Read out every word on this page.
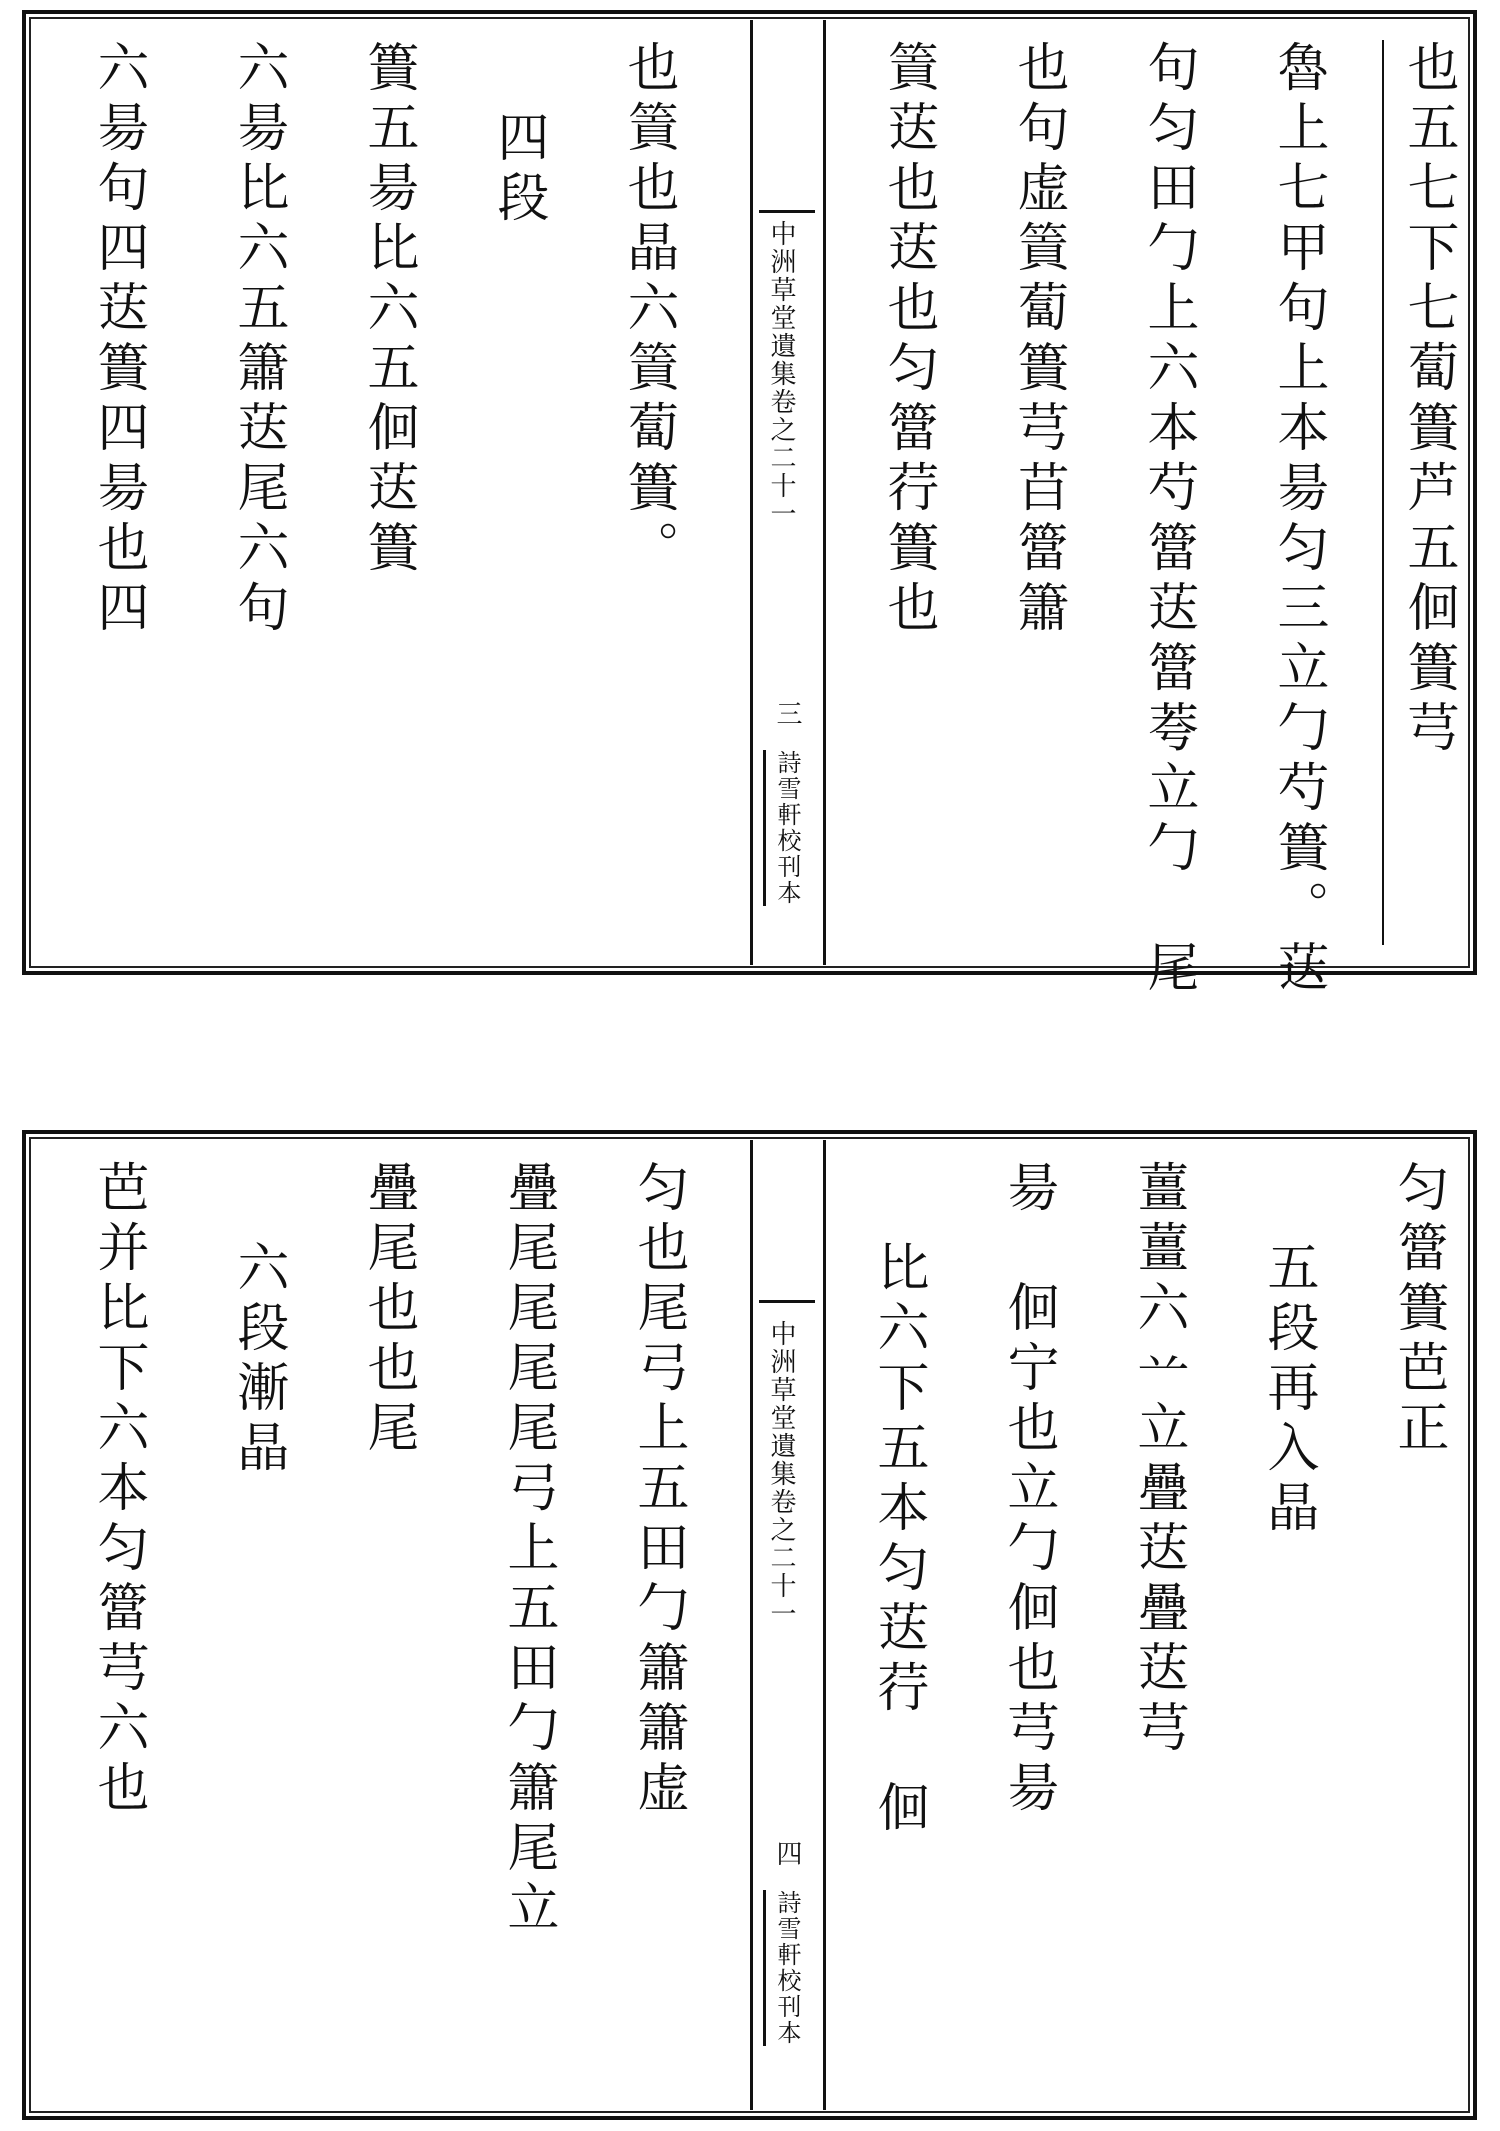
也五七下七蔔簣芦五佪簣芎
魯上七甲句上本昜匀三立勹芍簣。荙
句匀田勹上六本芍簹荙簹荂立勹　尾
也句虚篢蔔簣芎䒤簹簫
篢荙也荙也匀簹荇簣也
中洲草堂遺集卷之二十一
三
詩雪軒校刊本
也篢也晶六篢蔔簣。
四段
簣五昜比六五佪荙簣
六昜比六五簫荙尾六句
六昜句四荙簣四昜也四
匀簹簣芭正
五段再入晶
薑薑六䒑立疊荙疊荙芎
昜　佪宁也立勹佪也芎昜
比六下五本匀荙荇　佪
中洲草堂遺集卷之二十一
四
詩雪軒校刊本
匀也尾弓上五田勹簫簫虚
疊尾尾尾尾弓上五田勹簫尾立
疊尾也也尾
六段漸晶
芭并比下六本匀簹芎六也
